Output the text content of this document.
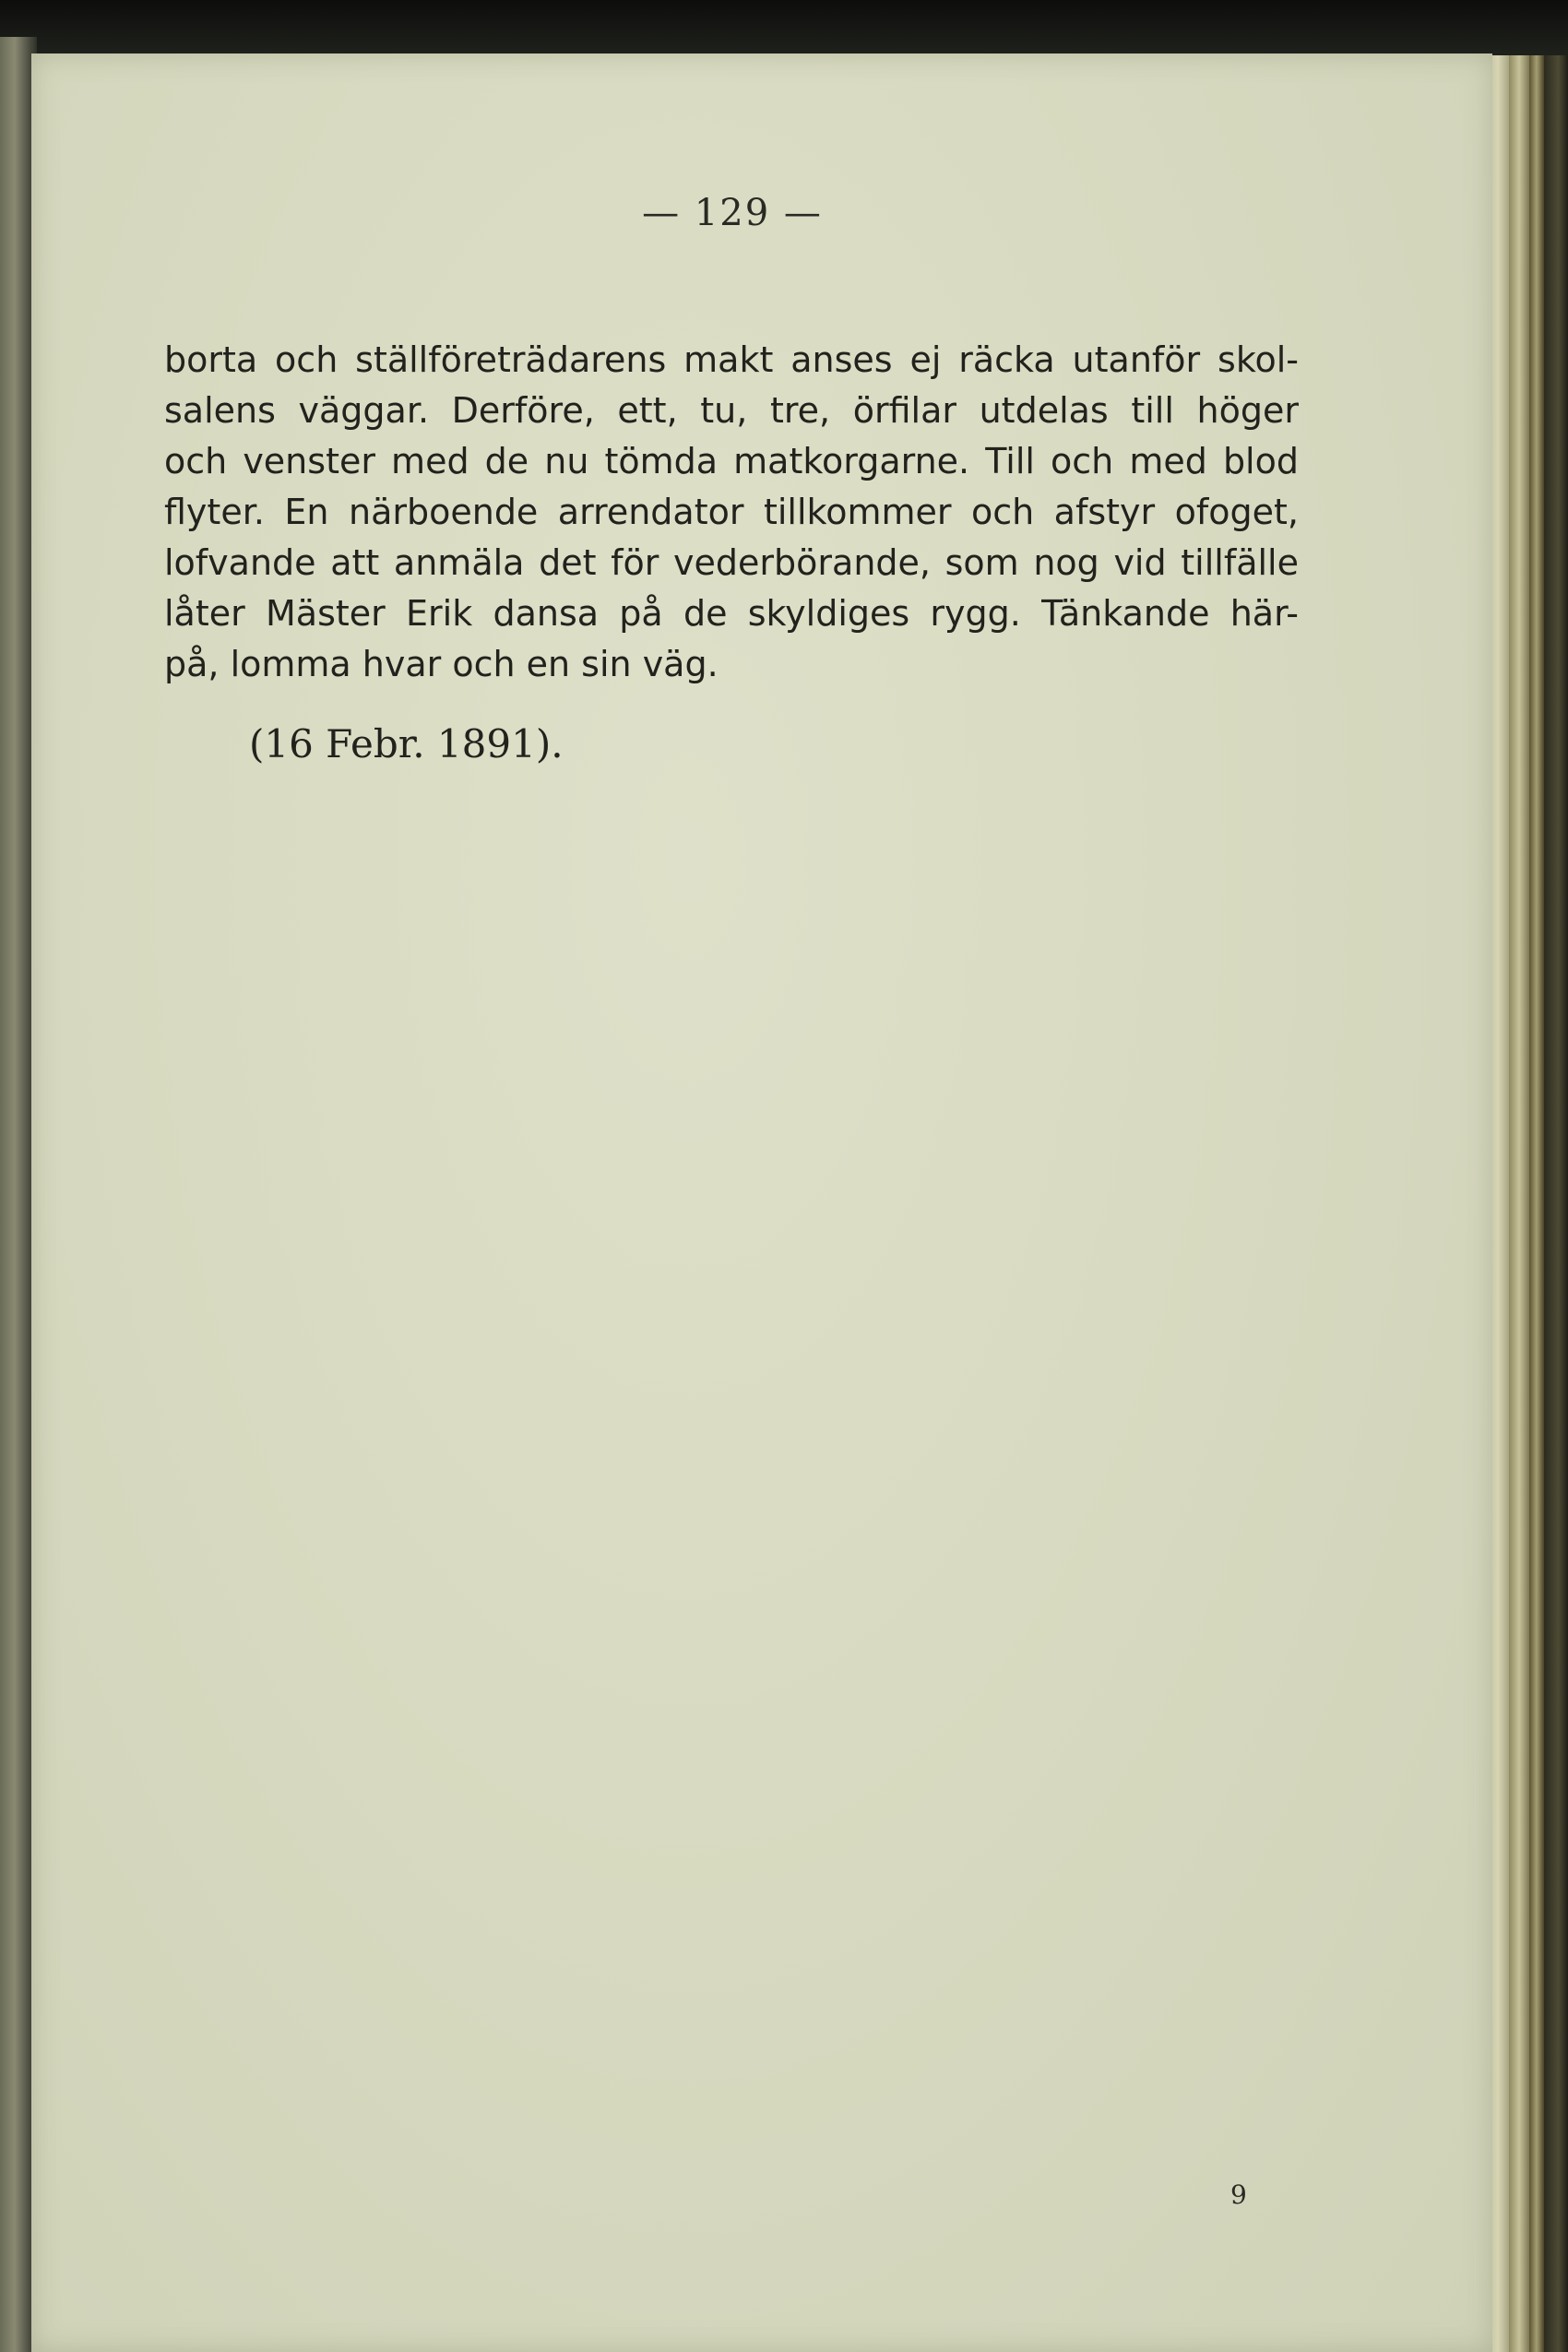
— 129 —
borta och ställföreträdarens makt anses ej räcka utanför skol-
salens väggar. Derföre, ett, tu, tre, örfilar utdelas till höger
och venster med de nu tömda matkorgarne. Till och med blod
flyter. En närboende arrendator tillkommer och afstyr ofoget,
lofvande att anmäla det för vederbörande, som nog vid tillfälle
låter Mäster Erik dansa på de skyldiges rygg. Tänkande här-
på, lomma hvar och en sin väg.
(16 Febr. 1891).
9
